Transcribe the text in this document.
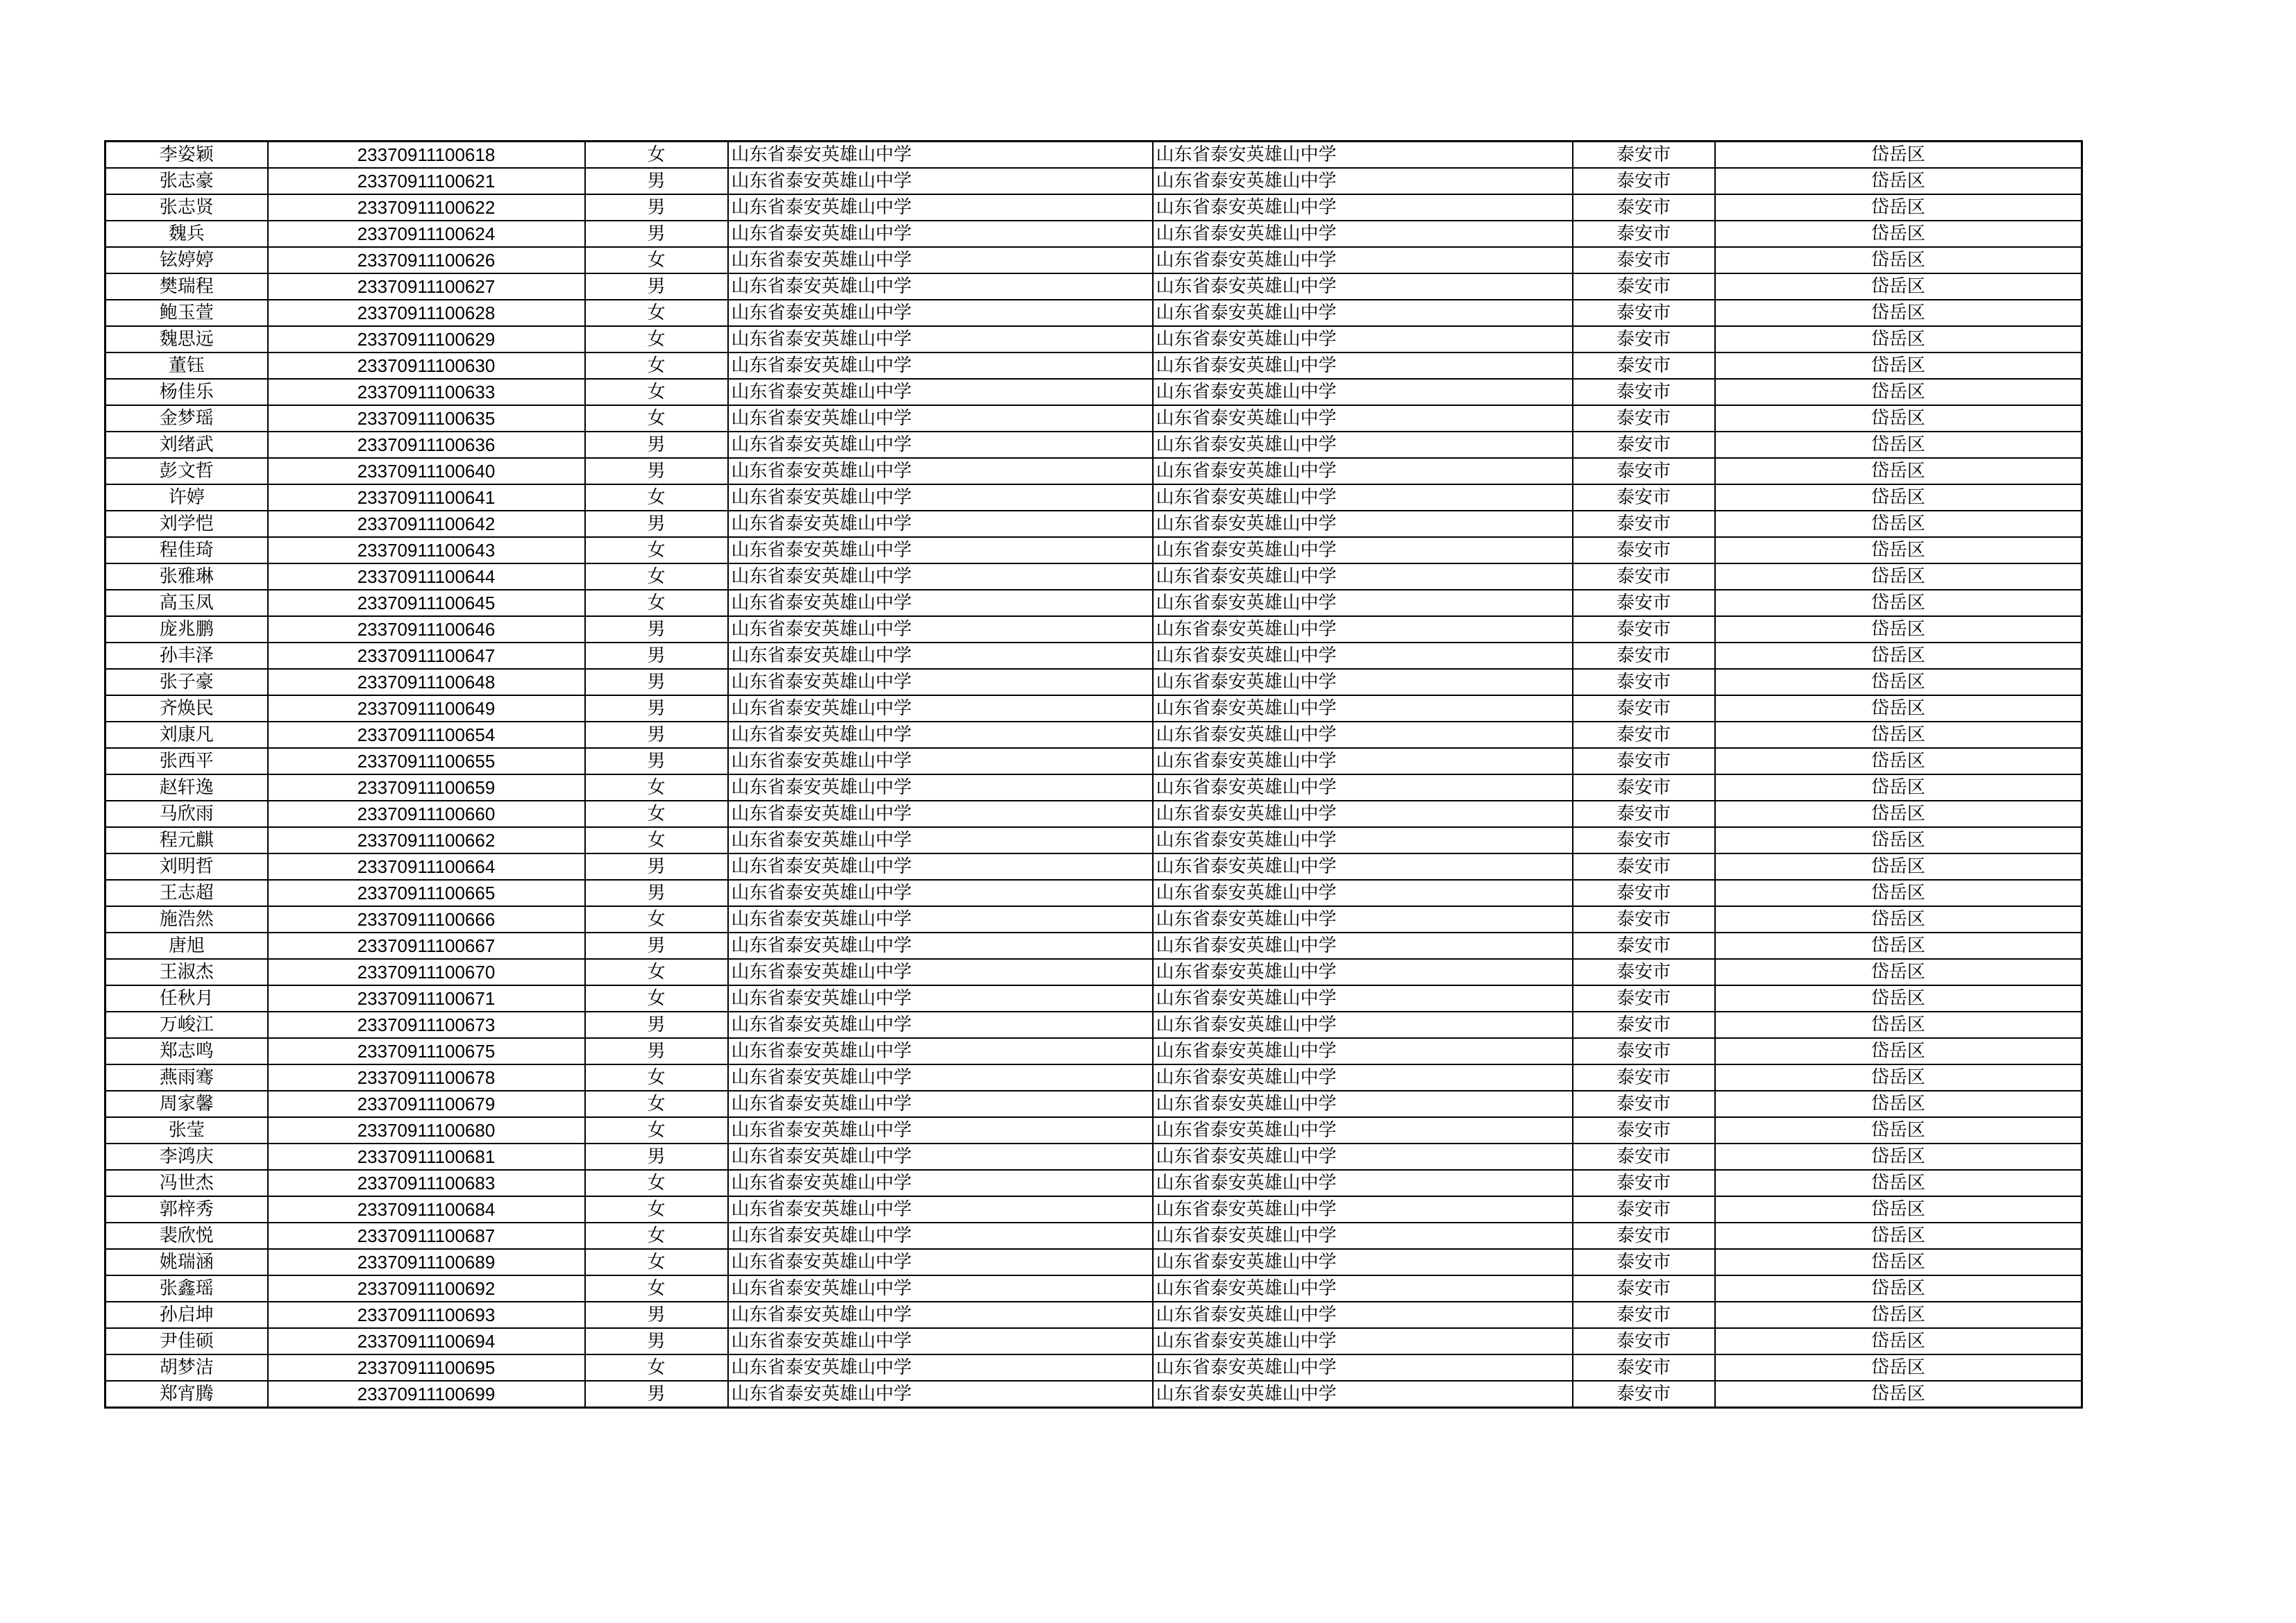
李姿颖	23370911100618	女	山东省泰安英雄山中学	山东省泰安英雄山中学	泰安市	岱岳区
张志豪	23370911100621	男	山东省泰安英雄山中学	山东省泰安英雄山中学	泰安市	岱岳区
张志贤	23370911100622	男	山东省泰安英雄山中学	山东省泰安英雄山中学	泰安市	岱岳区
魏兵	23370911100624	男	山东省泰安英雄山中学	山东省泰安英雄山中学	泰安市	岱岳区
铉婷婷	23370911100626	女	山东省泰安英雄山中学	山东省泰安英雄山中学	泰安市	岱岳区
樊瑞程	23370911100627	男	山东省泰安英雄山中学	山东省泰安英雄山中学	泰安市	岱岳区
鲍玉萱	23370911100628	女	山东省泰安英雄山中学	山东省泰安英雄山中学	泰安市	岱岳区
魏思远	23370911100629	女	山东省泰安英雄山中学	山东省泰安英雄山中学	泰安市	岱岳区
董钰	23370911100630	女	山东省泰安英雄山中学	山东省泰安英雄山中学	泰安市	岱岳区
杨佳乐	23370911100633	女	山东省泰安英雄山中学	山东省泰安英雄山中学	泰安市	岱岳区
金梦瑶	23370911100635	女	山东省泰安英雄山中学	山东省泰安英雄山中学	泰安市	岱岳区
刘绪武	23370911100636	男	山东省泰安英雄山中学	山东省泰安英雄山中学	泰安市	岱岳区
彭文哲	23370911100640	男	山东省泰安英雄山中学	山东省泰安英雄山中学	泰安市	岱岳区
许婷	23370911100641	女	山东省泰安英雄山中学	山东省泰安英雄山中学	泰安市	岱岳区
刘学恺	23370911100642	男	山东省泰安英雄山中学	山东省泰安英雄山中学	泰安市	岱岳区
程佳琦	23370911100643	女	山东省泰安英雄山中学	山东省泰安英雄山中学	泰安市	岱岳区
张雅琳	23370911100644	女	山东省泰安英雄山中学	山东省泰安英雄山中学	泰安市	岱岳区
高玉凤	23370911100645	女	山东省泰安英雄山中学	山东省泰安英雄山中学	泰安市	岱岳区
庞兆鹏	23370911100646	男	山东省泰安英雄山中学	山东省泰安英雄山中学	泰安市	岱岳区
孙丰泽	23370911100647	男	山东省泰安英雄山中学	山东省泰安英雄山中学	泰安市	岱岳区
张子豪	23370911100648	男	山东省泰安英雄山中学	山东省泰安英雄山中学	泰安市	岱岳区
齐焕民	23370911100649	男	山东省泰安英雄山中学	山东省泰安英雄山中学	泰安市	岱岳区
刘康凡	23370911100654	男	山东省泰安英雄山中学	山东省泰安英雄山中学	泰安市	岱岳区
张西平	23370911100655	男	山东省泰安英雄山中学	山东省泰安英雄山中学	泰安市	岱岳区
赵轩逸	23370911100659	女	山东省泰安英雄山中学	山东省泰安英雄山中学	泰安市	岱岳区
马欣雨	23370911100660	女	山东省泰安英雄山中学	山东省泰安英雄山中学	泰安市	岱岳区
程元麒	23370911100662	女	山东省泰安英雄山中学	山东省泰安英雄山中学	泰安市	岱岳区
刘明哲	23370911100664	男	山东省泰安英雄山中学	山东省泰安英雄山中学	泰安市	岱岳区
王志超	23370911100665	男	山东省泰安英雄山中学	山东省泰安英雄山中学	泰安市	岱岳区
施浩然	23370911100666	女	山东省泰安英雄山中学	山东省泰安英雄山中学	泰安市	岱岳区
唐旭	23370911100667	男	山东省泰安英雄山中学	山东省泰安英雄山中学	泰安市	岱岳区
王淑杰	23370911100670	女	山东省泰安英雄山中学	山东省泰安英雄山中学	泰安市	岱岳区
任秋月	23370911100671	女	山东省泰安英雄山中学	山东省泰安英雄山中学	泰安市	岱岳区
万峻江	23370911100673	男	山东省泰安英雄山中学	山东省泰安英雄山中学	泰安市	岱岳区
郑志鸣	23370911100675	男	山东省泰安英雄山中学	山东省泰安英雄山中学	泰安市	岱岳区
燕雨骞	23370911100678	女	山东省泰安英雄山中学	山东省泰安英雄山中学	泰安市	岱岳区
周家馨	23370911100679	女	山东省泰安英雄山中学	山东省泰安英雄山中学	泰安市	岱岳区
张莹	23370911100680	女	山东省泰安英雄山中学	山东省泰安英雄山中学	泰安市	岱岳区
李鸿庆	23370911100681	男	山东省泰安英雄山中学	山东省泰安英雄山中学	泰安市	岱岳区
冯世杰	23370911100683	女	山东省泰安英雄山中学	山东省泰安英雄山中学	泰安市	岱岳区
郭梓秀	23370911100684	女	山东省泰安英雄山中学	山东省泰安英雄山中学	泰安市	岱岳区
裴欣悦	23370911100687	女	山东省泰安英雄山中学	山东省泰安英雄山中学	泰安市	岱岳区
姚瑞涵	23370911100689	女	山东省泰安英雄山中学	山东省泰安英雄山中学	泰安市	岱岳区
张鑫瑶	23370911100692	女	山东省泰安英雄山中学	山东省泰安英雄山中学	泰安市	岱岳区
孙启坤	23370911100693	男	山东省泰安英雄山中学	山东省泰安英雄山中学	泰安市	岱岳区
尹佳硕	23370911100694	男	山东省泰安英雄山中学	山东省泰安英雄山中学	泰安市	岱岳区
胡梦洁	23370911100695	女	山东省泰安英雄山中学	山东省泰安英雄山中学	泰安市	岱岳区
郑宵腾	23370911100699	男	山东省泰安英雄山中学	山东省泰安英雄山中学	泰安市	岱岳区
